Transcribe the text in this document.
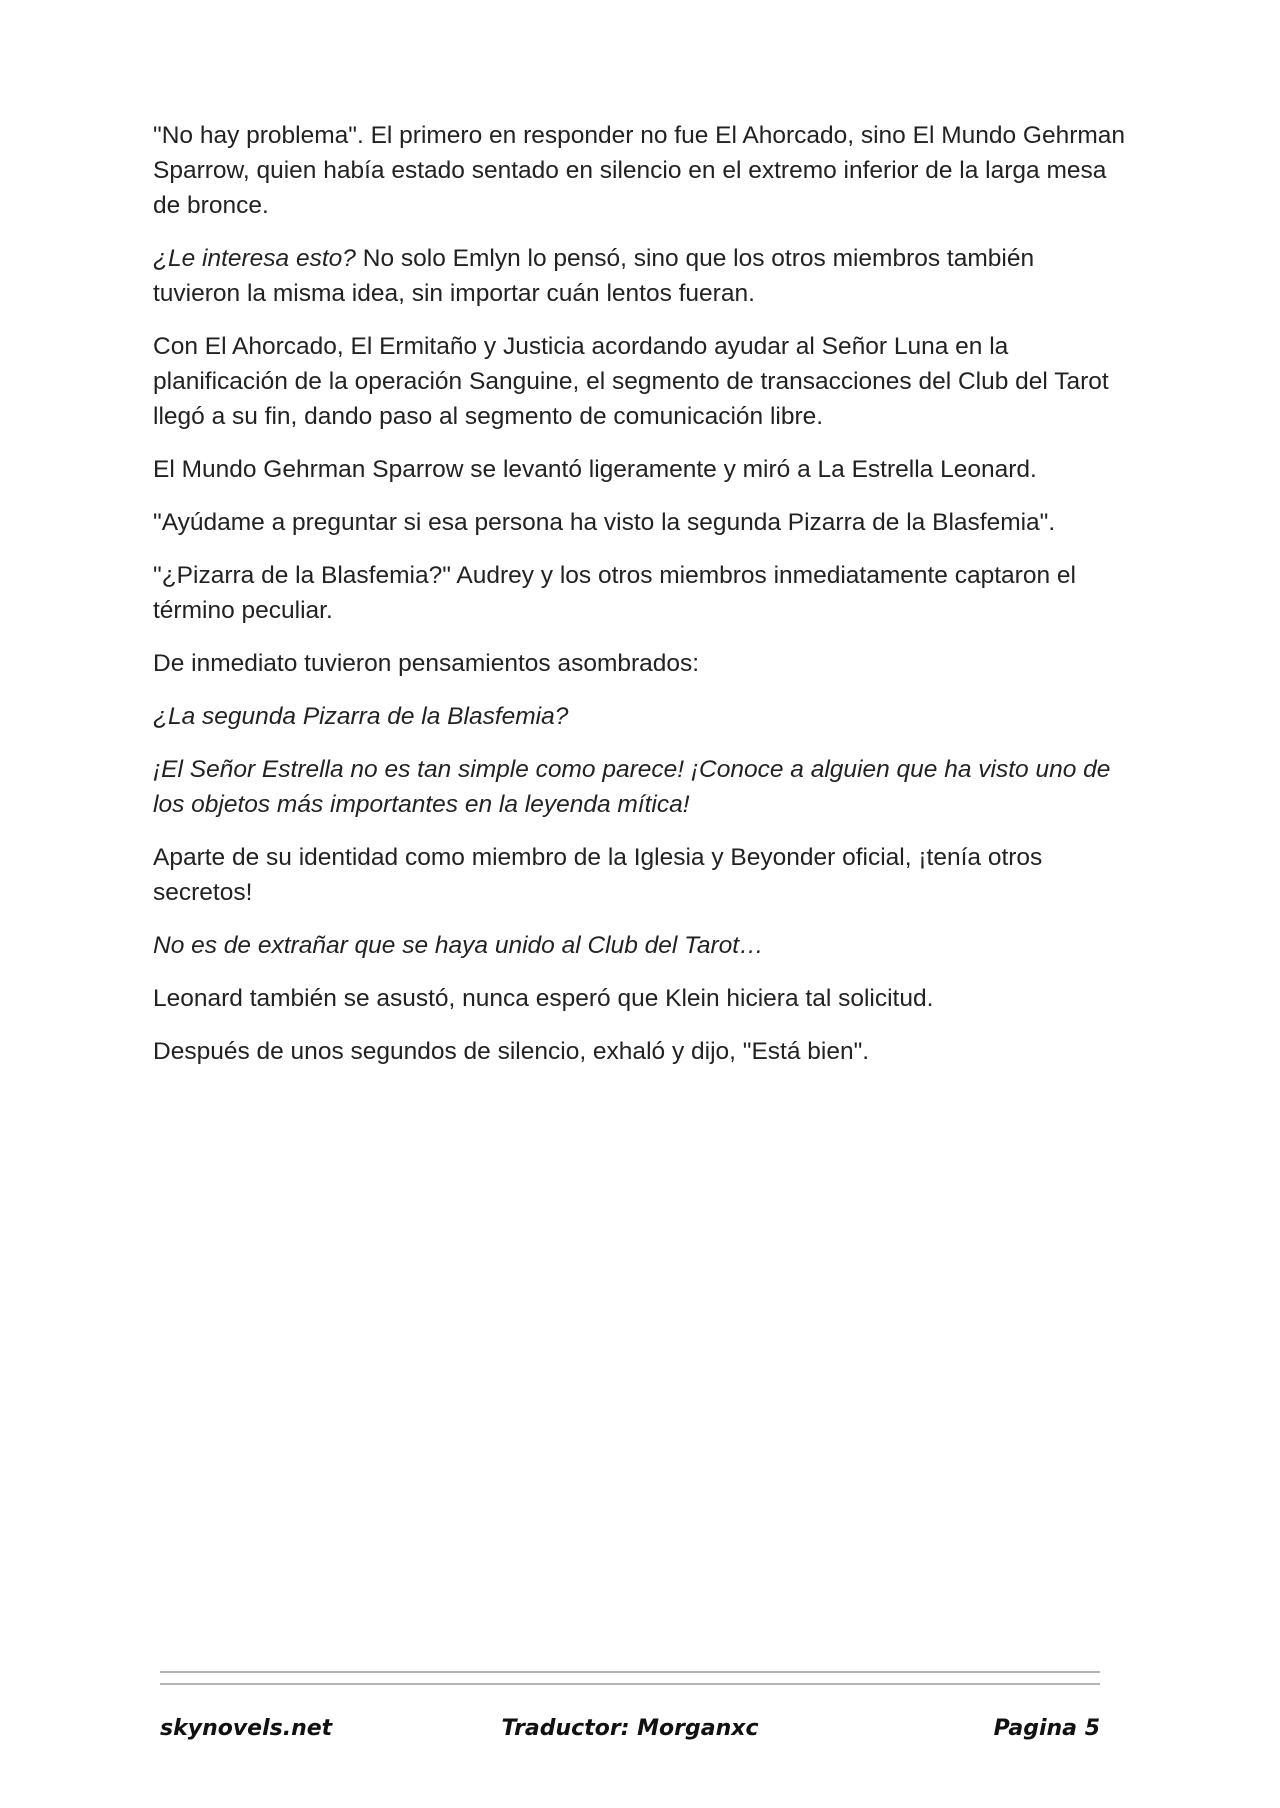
"No hay problema". El primero en responder no fue El Ahorcado, sino El Mundo Gehrman Sparrow, quien había estado sentado en silencio en el extremo inferior de la larga mesa de bronce.

¿Le interesa esto? No solo Emlyn lo pensó, sino que los otros miembros también tuvieron la misma idea, sin importar cuán lentos fueran.

Con El Ahorcado, El Ermitaño y Justicia acordando ayudar al Señor Luna en la planificación de la operación Sanguine, el segmento de transacciones del Club del Tarot llegó a su fin, dando paso al segmento de comunicación libre.

El Mundo Gehrman Sparrow se levantó ligeramente y miró a La Estrella Leonard.

"Ayúdame a preguntar si esa persona ha visto la segunda Pizarra de la Blasfemia".

"¿Pizarra de la Blasfemia?" Audrey y los otros miembros inmediatamente captaron el término peculiar.

De inmediato tuvieron pensamientos asombrados:

¿La segunda Pizarra de la Blasfemia?

¡El Señor Estrella no es tan simple como parece! ¡Conoce a alguien que ha visto uno de los objetos más importantes en la leyenda mítica!

Aparte de su identidad como miembro de la Iglesia y Beyonder oficial, ¡tenía otros secretos!

No es de extrañar que se haya unido al Club del Tarot…

Leonard también se asustó, nunca esperó que Klein hiciera tal solicitud.

Después de unos segundos de silencio, exhaló y dijo, "Está bien".

skynovels.net	Traductor: Morganxc	Pagina 5
